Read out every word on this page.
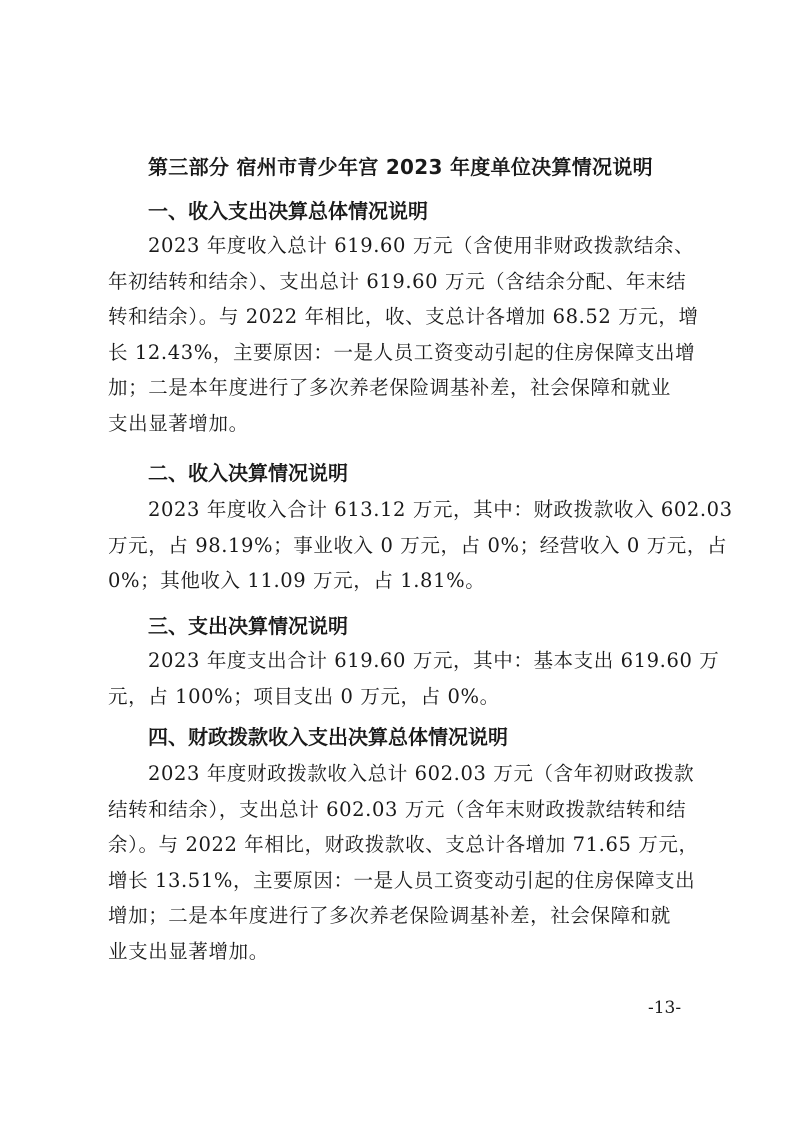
第三部分 宿州市青少年宫 2023 年度单位决算情况说明
一、收入支出决算总体情况说明

2023 年度收入总计 619.60 万元（含使用非财政拨款结余、
年初结转和结余）、支出总计 619.60 万元（含结余分配、年末结
转和结余）。与 2022 年相比，收、支总计各增加 68.52 万元，增
长 12.43%，主要原因：一是人员工资变动引起的住房保障支出增
加；二是本年度进行了多次养老保险调基补差，社会保障和就业
支出显著增加。

二、收入决算情况说明

2023 年度收入合计 613.12 万元，其中：财政拨款收入 602.03
万元，占 98.19%；事业收入 0 万元，占 0%；经营收入 0 万元，占
0%；其他收入 11.09 万元，占 1.81%。

三、支出决算情况说明

2023 年度支出合计 619.60 万元，其中：基本支出 619.60 万
元，占 100%；项目支出 0 万元，占 0%。

四、财政拨款收入支出决算总体情况说明

2023 年度财政拨款收入总计 602.03 万元（含年初财政拨款
结转和结余），支出总计 602.03 万元（含年末财政拨款结转和结
余）。与 2022 年相比，财政拨款收、支总计各增加 71.65 万元，
增长 13.51%，主要原因：一是人员工资变动引起的住房保障支出
增加；二是本年度进行了多次养老保险调基补差，社会保障和就
业支出显著增加。

-13-
